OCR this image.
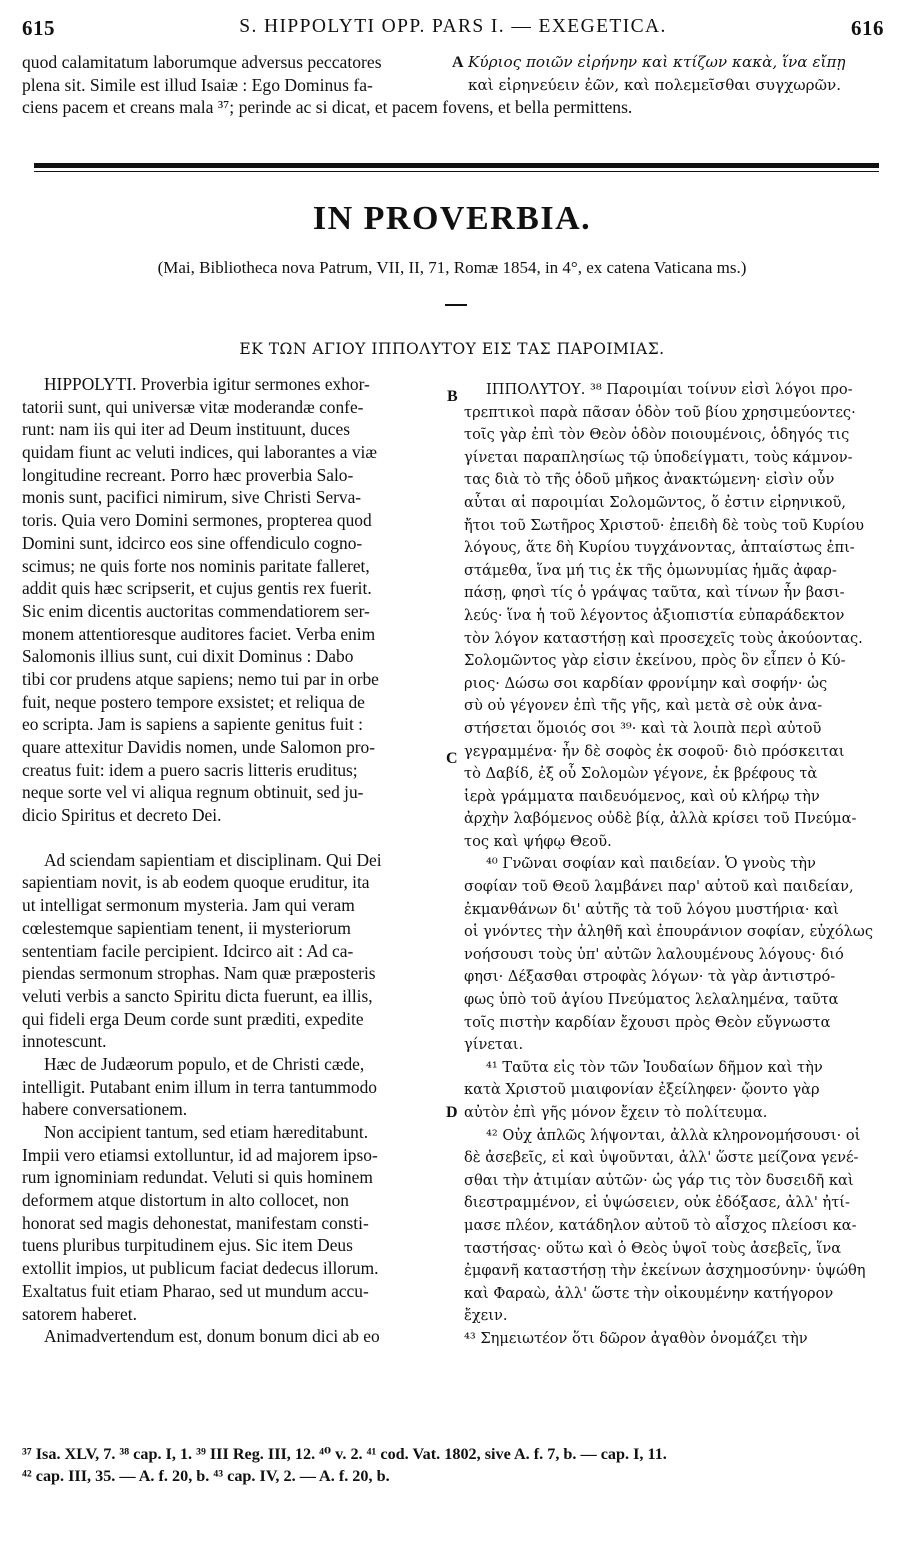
615	S. HIPPOLYTI OPP. PARS I. — EXEGETICA.	616
quod calamitatum laborumque adversus peccatores
plena sit. Simile est illud Isaiæ : Ego Dominus fa-
A Κύριος ποιῶν εἰρήνην καὶ κτίζων κακὰ, ἵνα εἴπῃ
καὶ εἰρηνεύειν ἐῶν, καὶ πολεμεῖσθαι συγχωρῶν.
ciens pacem et creans mala ³⁷; perinde ac si dicat, et pacem fovens, et bella permittens.
IN PROVERBIA.
(Mai, Bibliotheca nova Patrum, VII, II, 71, Romæ 1854, in 4°, ex catena Vaticana ms.)
ΕΚ ΤΩΝ ΑΓΙΟΥ ΙΠΠΟΛΥΤΟΥ ΕΙΣ ΤΑΣ ΠΑΡΟΙΜΙΑΣ.
B
C
D
HIPPOLYTI. Proverbia igitur sermones exhor-
tatorii sunt, qui universæ vitæ moderandæ confe-
runt: nam iis qui iter ad Deum instituunt, duces
quidam fiunt ac veluti indices, qui laborantes a viæ
longitudine recreant. Porro hæc proverbia Salo-
monis sunt, pacifici nimirum, sive Christi Serva-
toris. Quia vero Domini sermones, propterea quod
Domini sunt, idcirco eos sine offendiculo cogno-
scimus; ne quis forte nos nominis paritate falleret,
addit quis hæc scripserit, et cujus gentis rex fuerit.
Sic enim dicentis auctoritas commendatiorem ser-
monem attentioresque auditores faciet. Verba enim
Salomonis illius sunt, cui dixit Dominus : Dabo
tibi cor prudens atque sapiens; nemo tui par in orbe
fuit, neque postero tempore exsistet; et reliqua de
eo scripta. Jam is sapiens a sapiente genitus fuit :
quare attexitur Davidis nomen, unde Salomon pro-
creatus fuit: idem a puero sacris litteris eruditus;
neque sorte vel vi aliqua regnum obtinuit, sed ju-
dicio Spiritus et decreto Dei.
Ad sciendam sapientiam et disciplinam. Qui Dei
sapientiam novit, is ab eodem quoque eruditur, ita
ut intelligat sermonum mysteria. Jam qui veram
cœlestemque sapientiam tenent, ii mysteriorum
sententiam facile percipient. Idcirco ait : Ad ca-
piendas sermonum strophas. Nam quæ præposteris
veluti verbis a sancto Spiritu dicta fuerunt, ea illis,
qui fideli erga Deum corde sunt præditi, expedite
innotescunt.
Hæc de Judæorum populo, et de Christi cæde,
intelligit. Putabant enim illum in terra tantummodo
habere conversationem.
Non accipient tantum, sed etiam hæreditabunt.
Impii vero etiamsi extolluntur, id ad majorem ipso-
rum ignominiam redundat. Veluti si quis hominem
deformem atque distortum in alto collocet, non
honorat sed magis dehonestat, manifestam consti-
tuens pluribus turpitudinem ejus. Sic item Deus
extollit impios, ut publicum faciat dedecus illorum.
Exaltatus fuit etiam Pharao, sed ut mundum accu-
satorem haberet.
Animadvertendum est, donum bonum dici ab eo
ΙΠΠΟΛΥΤΟΥ. ³⁸ Παροιμίαι τοίνυν εἰσὶ λόγοι προ-
τρεπτικοὶ παρὰ πᾶσαν ὁδὸν τοῦ βίου χρησιμεύοντες·
τοῖς γὰρ ἐπὶ τὸν Θεὸν ὁδὸν ποιουμένοις, ὁδηγός τις
γίνεται παραπλησίως τῷ ὑποδείγματι, τοὺς κάμνον-
τας διὰ τὸ τῆς ὁδοῦ μῆκος ἀνακτώμενη· εἰσὶν οὖν
αὗται αἱ παροιμίαι Σολομῶντος, ὅ ἐστιν εἰρηνικοῦ,
ἤτοι τοῦ Σωτῆρος Χριστοῦ· ἐπειδὴ δὲ τοὺς τοῦ Κυρίου
λόγους, ἅτε δὴ Κυρίου τυγχάνοντας, ἀπταίστως ἐπι-
στάμεθα, ἵνα μή τις ἐκ τῆς ὁμωνυμίας ἡμᾶς ἀφαρ-
πάσῃ, φησὶ τίς ὁ γράψας ταῦτα, καὶ τίνων ἦν βασι-
λεύς· ἵνα ἡ τοῦ λέγοντος ἀξιοπιστία εὐπαράδεκτον
τὸν λόγον καταστήσῃ καὶ προσεχεῖς τοὺς ἀκούοντας.
Σολομῶντος γὰρ εἰσιν ἐκείνου, πρὸς ὃν εἶπεν ὁ Κύ-
ριος· Δώσω σοι καρδίαν φρονίμην καὶ σοφήν· ὡς
σὺ οὐ γέγονεν ἐπὶ τῆς γῆς, καὶ μετὰ σὲ οὐκ ἀνα-
στήσεται ὅμοιός σοι ³⁹· καὶ τὰ λοιπὰ περὶ αὐτοῦ
γεγραμμένα· ἦν δὲ σοφὸς ἐκ σοφοῦ· διὸ πρόσκειται
τὸ Δαβίδ, ἐξ οὗ Σολομὼν γέγονε, ἐκ βρέφους τὰ
ἱερὰ γράμματα παιδευόμενος, καὶ οὐ κλήρῳ τὴν
ἀρχὴν λαβόμενος οὐδὲ βίᾳ, ἀλλὰ κρίσει τοῦ Πνεύμα-
τος καὶ ψήφῳ Θεοῦ.
⁴⁰ Γνῶναι σοφίαν καὶ παιδείαν. Ὁ γνοὺς τὴν
σοφίαν τοῦ Θεοῦ λαμβάνει παρ' αὐτοῦ καὶ παιδείαν,
ἐκμανθάνων δι' αὐτῆς τὰ τοῦ λόγου μυστήρια· καὶ
οἱ γνόντες τὴν ἀληθῆ καὶ ἐπουράνιον σοφίαν, εὐχόλως
νοήσουσι τοὺς ὑπ' αὐτῶν λαλουμένους λόγους· διό
φησι· Δέξασθαι στροφὰς λόγων· τὰ γὰρ ἀντιστρό-
φως ὑπὸ τοῦ ἁγίου Πνεύματος λελαλημένα, ταῦτα
τοῖς πιστὴν καρδίαν ἔχουσι πρὸς Θεὸν εὔγνωστα
γίνεται.
⁴¹ Ταῦτα εἰς τὸν τῶν Ἰουδαίων δῆμον καὶ τὴν
κατὰ Χριστοῦ μιαιφονίαν ἐξείληφεν· ᾤοντο γὰρ
αὐτὸν ἐπὶ γῆς μόνον ἔχειν τὸ πολίτευμα.
⁴² Οὐχ ἁπλῶς λήψονται, ἀλλὰ κληρονομήσουσι· οἱ
δὲ ἀσεβεῖς, εἰ καὶ ὑψοῦνται, ἀλλ' ὥστε μείζονα γενέ-
σθαι τὴν ἀτιμίαν αὐτῶν· ὡς γάρ τις τὸν δυσειδῆ καὶ
διεστραμμένον, εἰ ὑψώσειεν, οὐκ ἐδόξασε, ἀλλ' ἠτί-
μασε πλέον, κατάδηλον αὐτοῦ τὸ αἶσχος πλείοσι κα-
ταστήσας· οὕτω καὶ ὁ Θεὸς ὑψοῖ τοὺς ἀσεβεῖς, ἵνα
ἐμφανῆ καταστήσῃ τὴν ἐκείνων ἀσχημοσύνην· ὑψώθη
καὶ Φαραὼ, ἀλλ' ὥστε τὴν οἰκουμένην κατήγορον
ἔχειν.
⁴³ Σημειωτέον ὅτι δῶρον ἀγαθὸν ὀνομάζει τὴν
³⁷ Isa. XLV, 7. ³⁸ cap. I, 1. ³⁹ III Reg. III, 12. ⁴⁰ v. 2. ⁴¹ cod. Vat. 1802, sive A. f. 7, b. — cap. I, 11.
⁴² cap. III, 35. — A. f. 20, b. ⁴³ cap. IV, 2. — A. f. 20, b.
